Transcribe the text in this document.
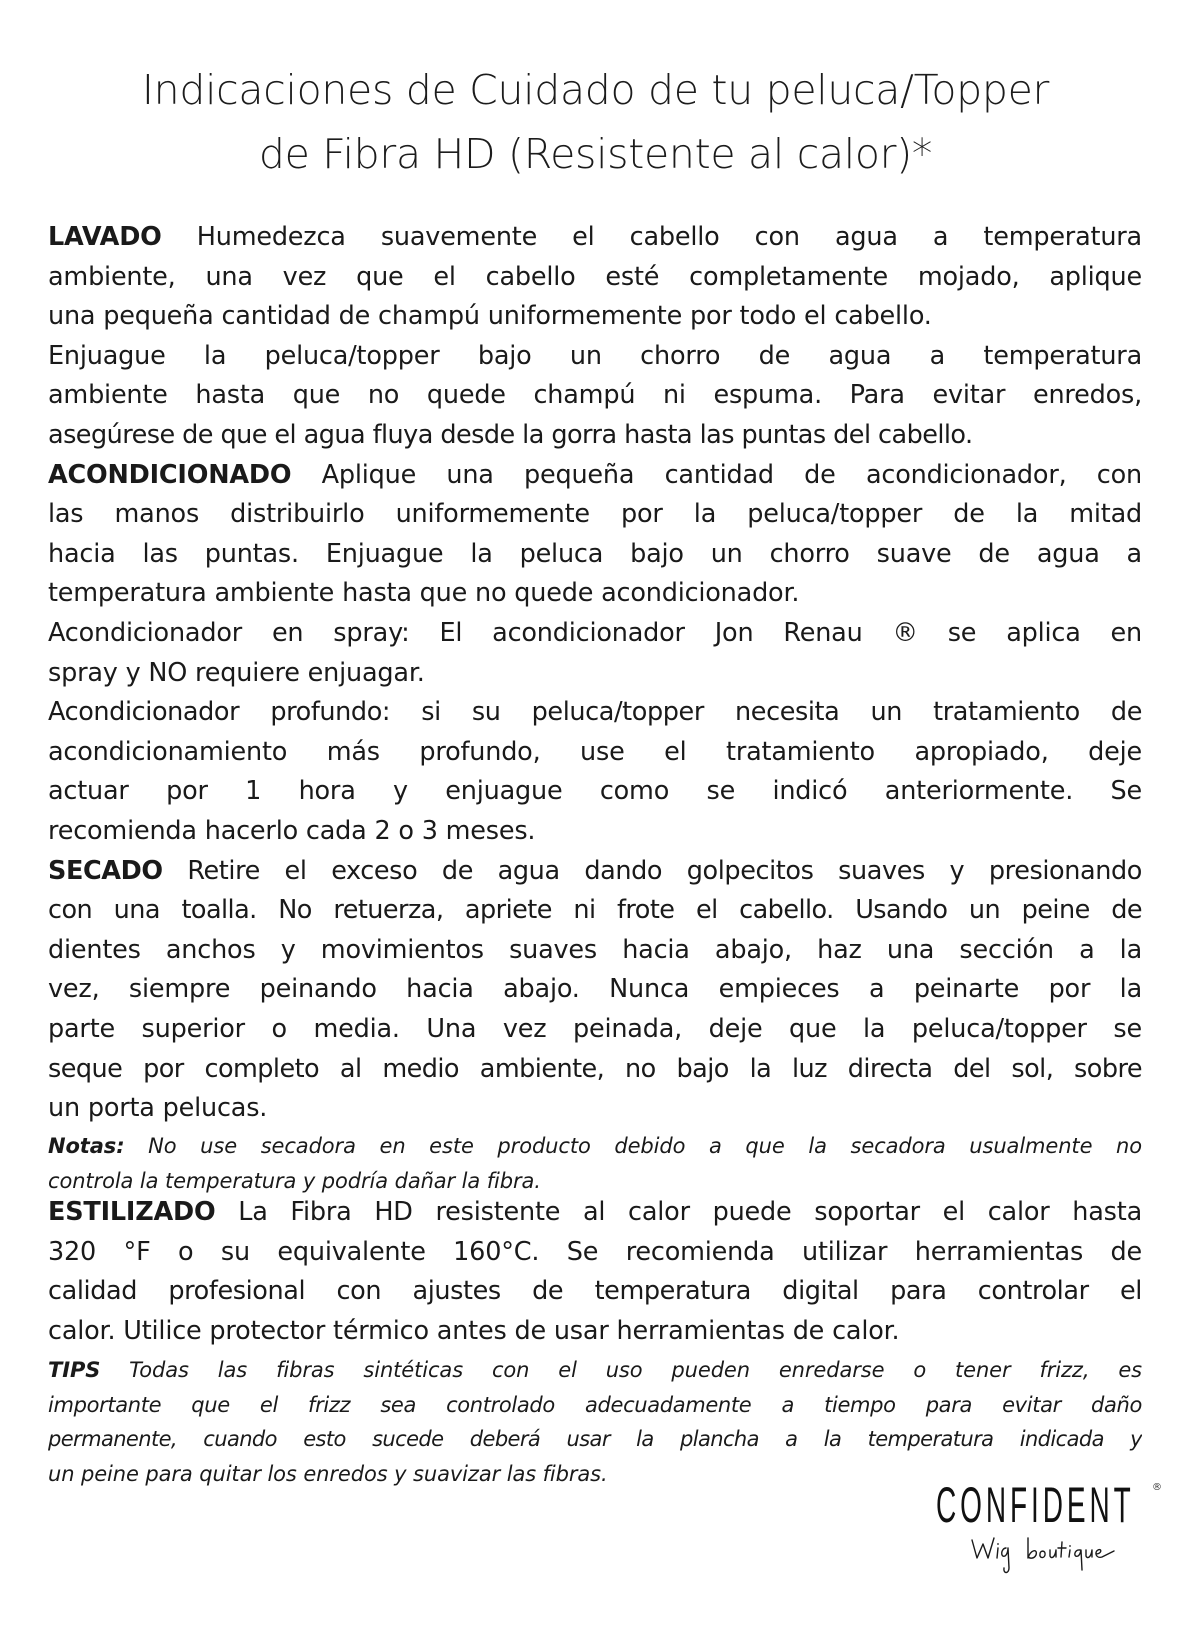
Indicaciones de Cuidado de tu peluca/Topper
de Fibra HD (Resistente al calor)*
LAVADO Humedezca suavemente el cabello con agua a temperatura
ambiente, una vez que el cabello esté completamente mojado, aplique
una pequeña cantidad de champú uniformemente por todo el cabello.
Enjuague la peluca/topper bajo un chorro de agua a temperatura
ambiente hasta que no quede champú ni espuma. Para evitar enredos,
asegúrese de que el agua fluya desde la gorra hasta las puntas del cabello.
ACONDICIONADO Aplique una pequeña cantidad de acondicionador, con
las manos distribuirlo uniformemente por la peluca/topper de la mitad
hacia las puntas. Enjuague la peluca bajo un chorro suave de agua a
temperatura ambiente hasta que no quede acondicionador.
Acondicionador en spray: El acondicionador Jon Renau ® se aplica en
spray y NO requiere enjuagar.
Acondicionador profundo: si su peluca/topper necesita un tratamiento de
acondicionamiento más profundo, use el tratamiento apropiado, deje
actuar por 1 hora y enjuague como se indicó anteriormente. Se
recomienda hacerlo cada 2 o 3 meses.
SECADO Retire el exceso de agua dando golpecitos suaves y presionando
con una toalla. No retuerza, apriete ni frote el cabello. Usando un peine de
dientes anchos y movimientos suaves hacia abajo, haz una sección a la
vez, siempre peinando hacia abajo. Nunca empieces a peinarte por la
parte superior o media. Una vez peinada, deje que la peluca/topper se
seque por completo al medio ambiente, no bajo la luz directa del sol, sobre
un porta pelucas.
Notas: No use secadora en este producto debido a que la secadora usualmente no
controla la temperatura y podría dañar la fibra.
ESTILIZADO La Fibra HD resistente al calor puede soportar el calor hasta
320 °F o su equivalente 160°C. Se recomienda utilizar herramientas de
calidad profesional con ajustes de temperatura digital para controlar el
calor. Utilice protector térmico antes de usar herramientas de calor.
TIPS Todas las fibras sintéticas con el uso pueden enredarse o tener frizz, es
importante que el frizz sea controlado adecuadamente a tiempo para evitar daño
permanente, cuando esto sucede deberá usar la plancha a la temperatura indicada y
un peine para quitar los enredos y suavizar las fibras.
CONFIDENT ®
